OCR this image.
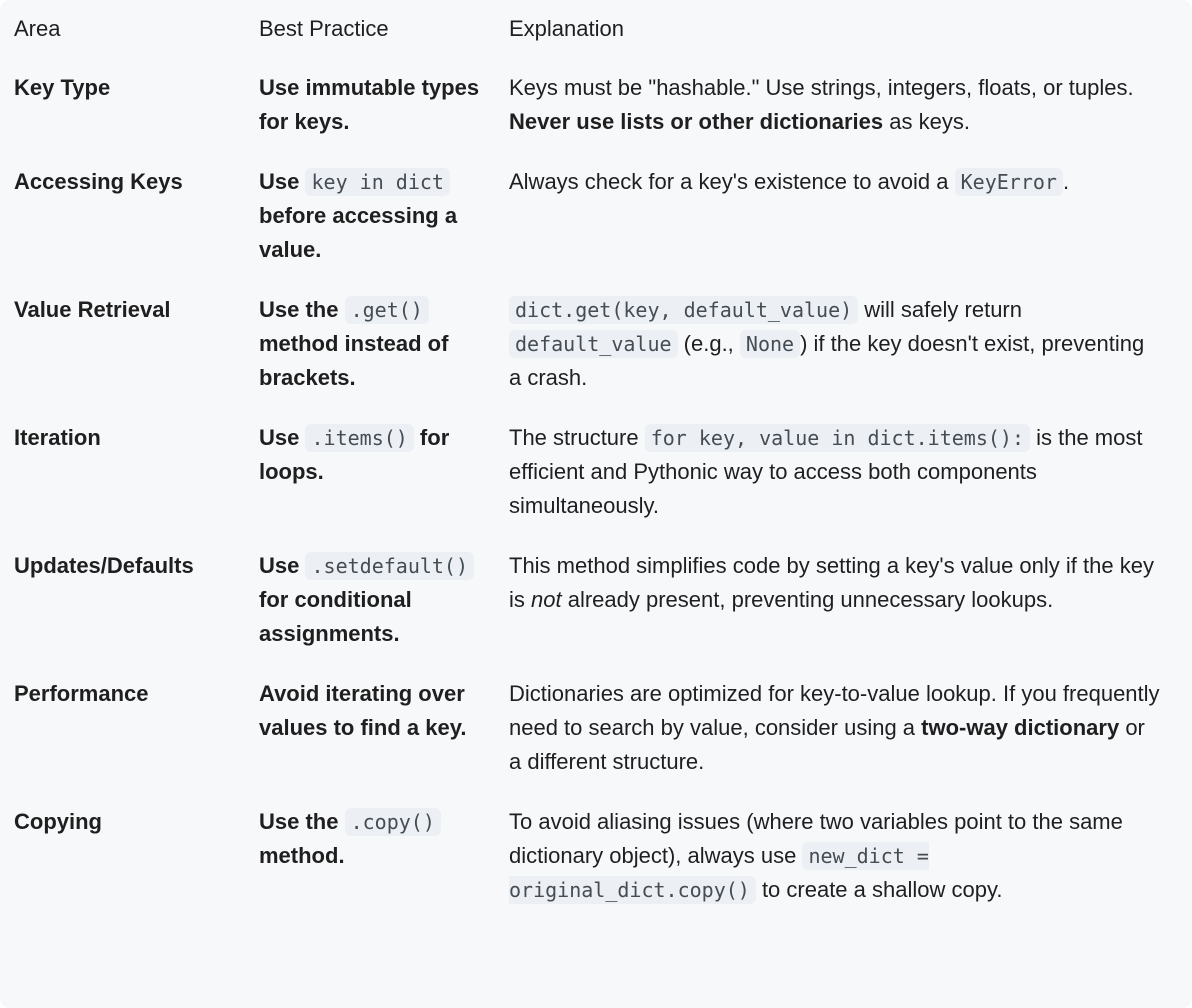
Area	Best Practice	Explanation
Key Type	Use immutable types for keys.	Keys must be "hashable." Use strings, integers, floats, or tuples. Never use lists or other dictionaries as keys.
Accessing Keys	Use key in dict before accessing a value.	Always check for a key's existence to avoid a KeyError .
Value Retrieval	Use the .get() method instead of brackets.	dict.get(key, default_value) will safely return default_value (e.g., None ) if the key doesn't exist, preventing a crash.
Iteration	Use .items() for loops.	The structure for key, value in dict.items(): is the most efficient and Pythonic way to access both components simultaneously.
Updates/Defaults	Use .setdefault() for conditional assignments.	This method simplifies code by setting a key's value only if the key is not already present, preventing unnecessary lookups.
Performance	Avoid iterating over values to find a key.	Dictionaries are optimized for key-to-value lookup. If you frequently need to search by value, consider using a two-way dictionary or a different structure.
Copying	Use the .copy() method.	To avoid aliasing issues (where two variables point to the same dictionary object), always use new_dict = original_dict.copy() to create a shallow copy.
